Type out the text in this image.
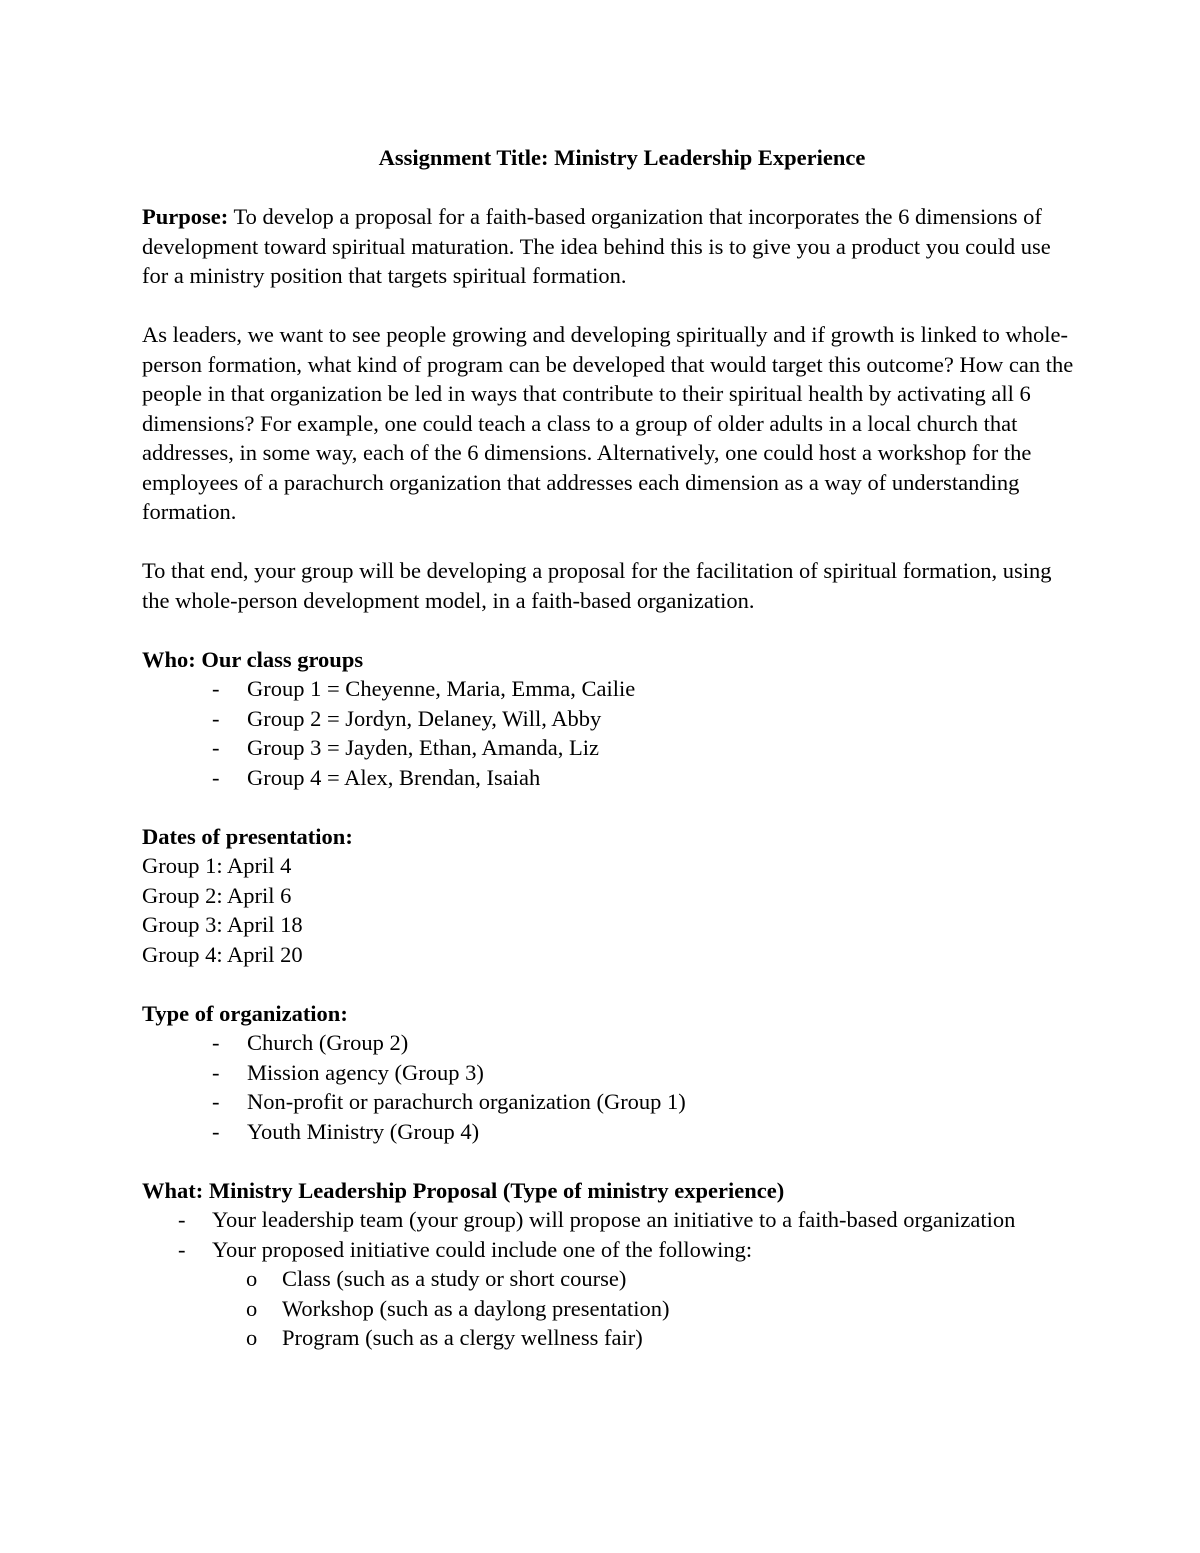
Assignment Title: Ministry Leadership Experience

Purpose: To develop a proposal for a faith-based organization that incorporates the 6 dimensions of development toward spiritual maturation. The idea behind this is to give you a product you could use for a ministry position that targets spiritual formation.

As leaders, we want to see people growing and developing spiritually and if growth is linked to whole-person formation, what kind of program can be developed that would target this outcome? How can the people in that organization be led in ways that contribute to their spiritual health by activating all 6 dimensions? For example, one could teach a class to a group of older adults in a local church that addresses, in some way, each of the 6 dimensions. Alternatively, one could host a workshop for the employees of a parachurch organization that addresses each dimension as a way of understanding formation.

To that end, your group will be developing a proposal for the facilitation of spiritual formation, using the whole-person development model, in a faith-based organization.

Who: Our class groups
- Group 1 = Cheyenne, Maria, Emma, Cailie
- Group 2 = Jordyn, Delaney, Will, Abby
- Group 3 = Jayden, Ethan, Amanda, Liz
- Group 4 = Alex, Brendan, Isaiah
Dates of presentation:
Group 1: April 4
Group 2: April 6
Group 3: April 18
Group 4: April 20
Type of organization:
- Church (Group 2)
- Mission agency (Group 3)
- Non-profit or parachurch organization (Group 1)
- Youth Ministry (Group 4)
What: Ministry Leadership Proposal (Type of ministry experience)
- Your leadership team (your group) will propose an initiative to a faith-based organization
- Your proposed initiative could include one of the following:
o Class (such as a study or short course)
o Workshop (such as a daylong presentation)
o Program (such as a clergy wellness fair)
